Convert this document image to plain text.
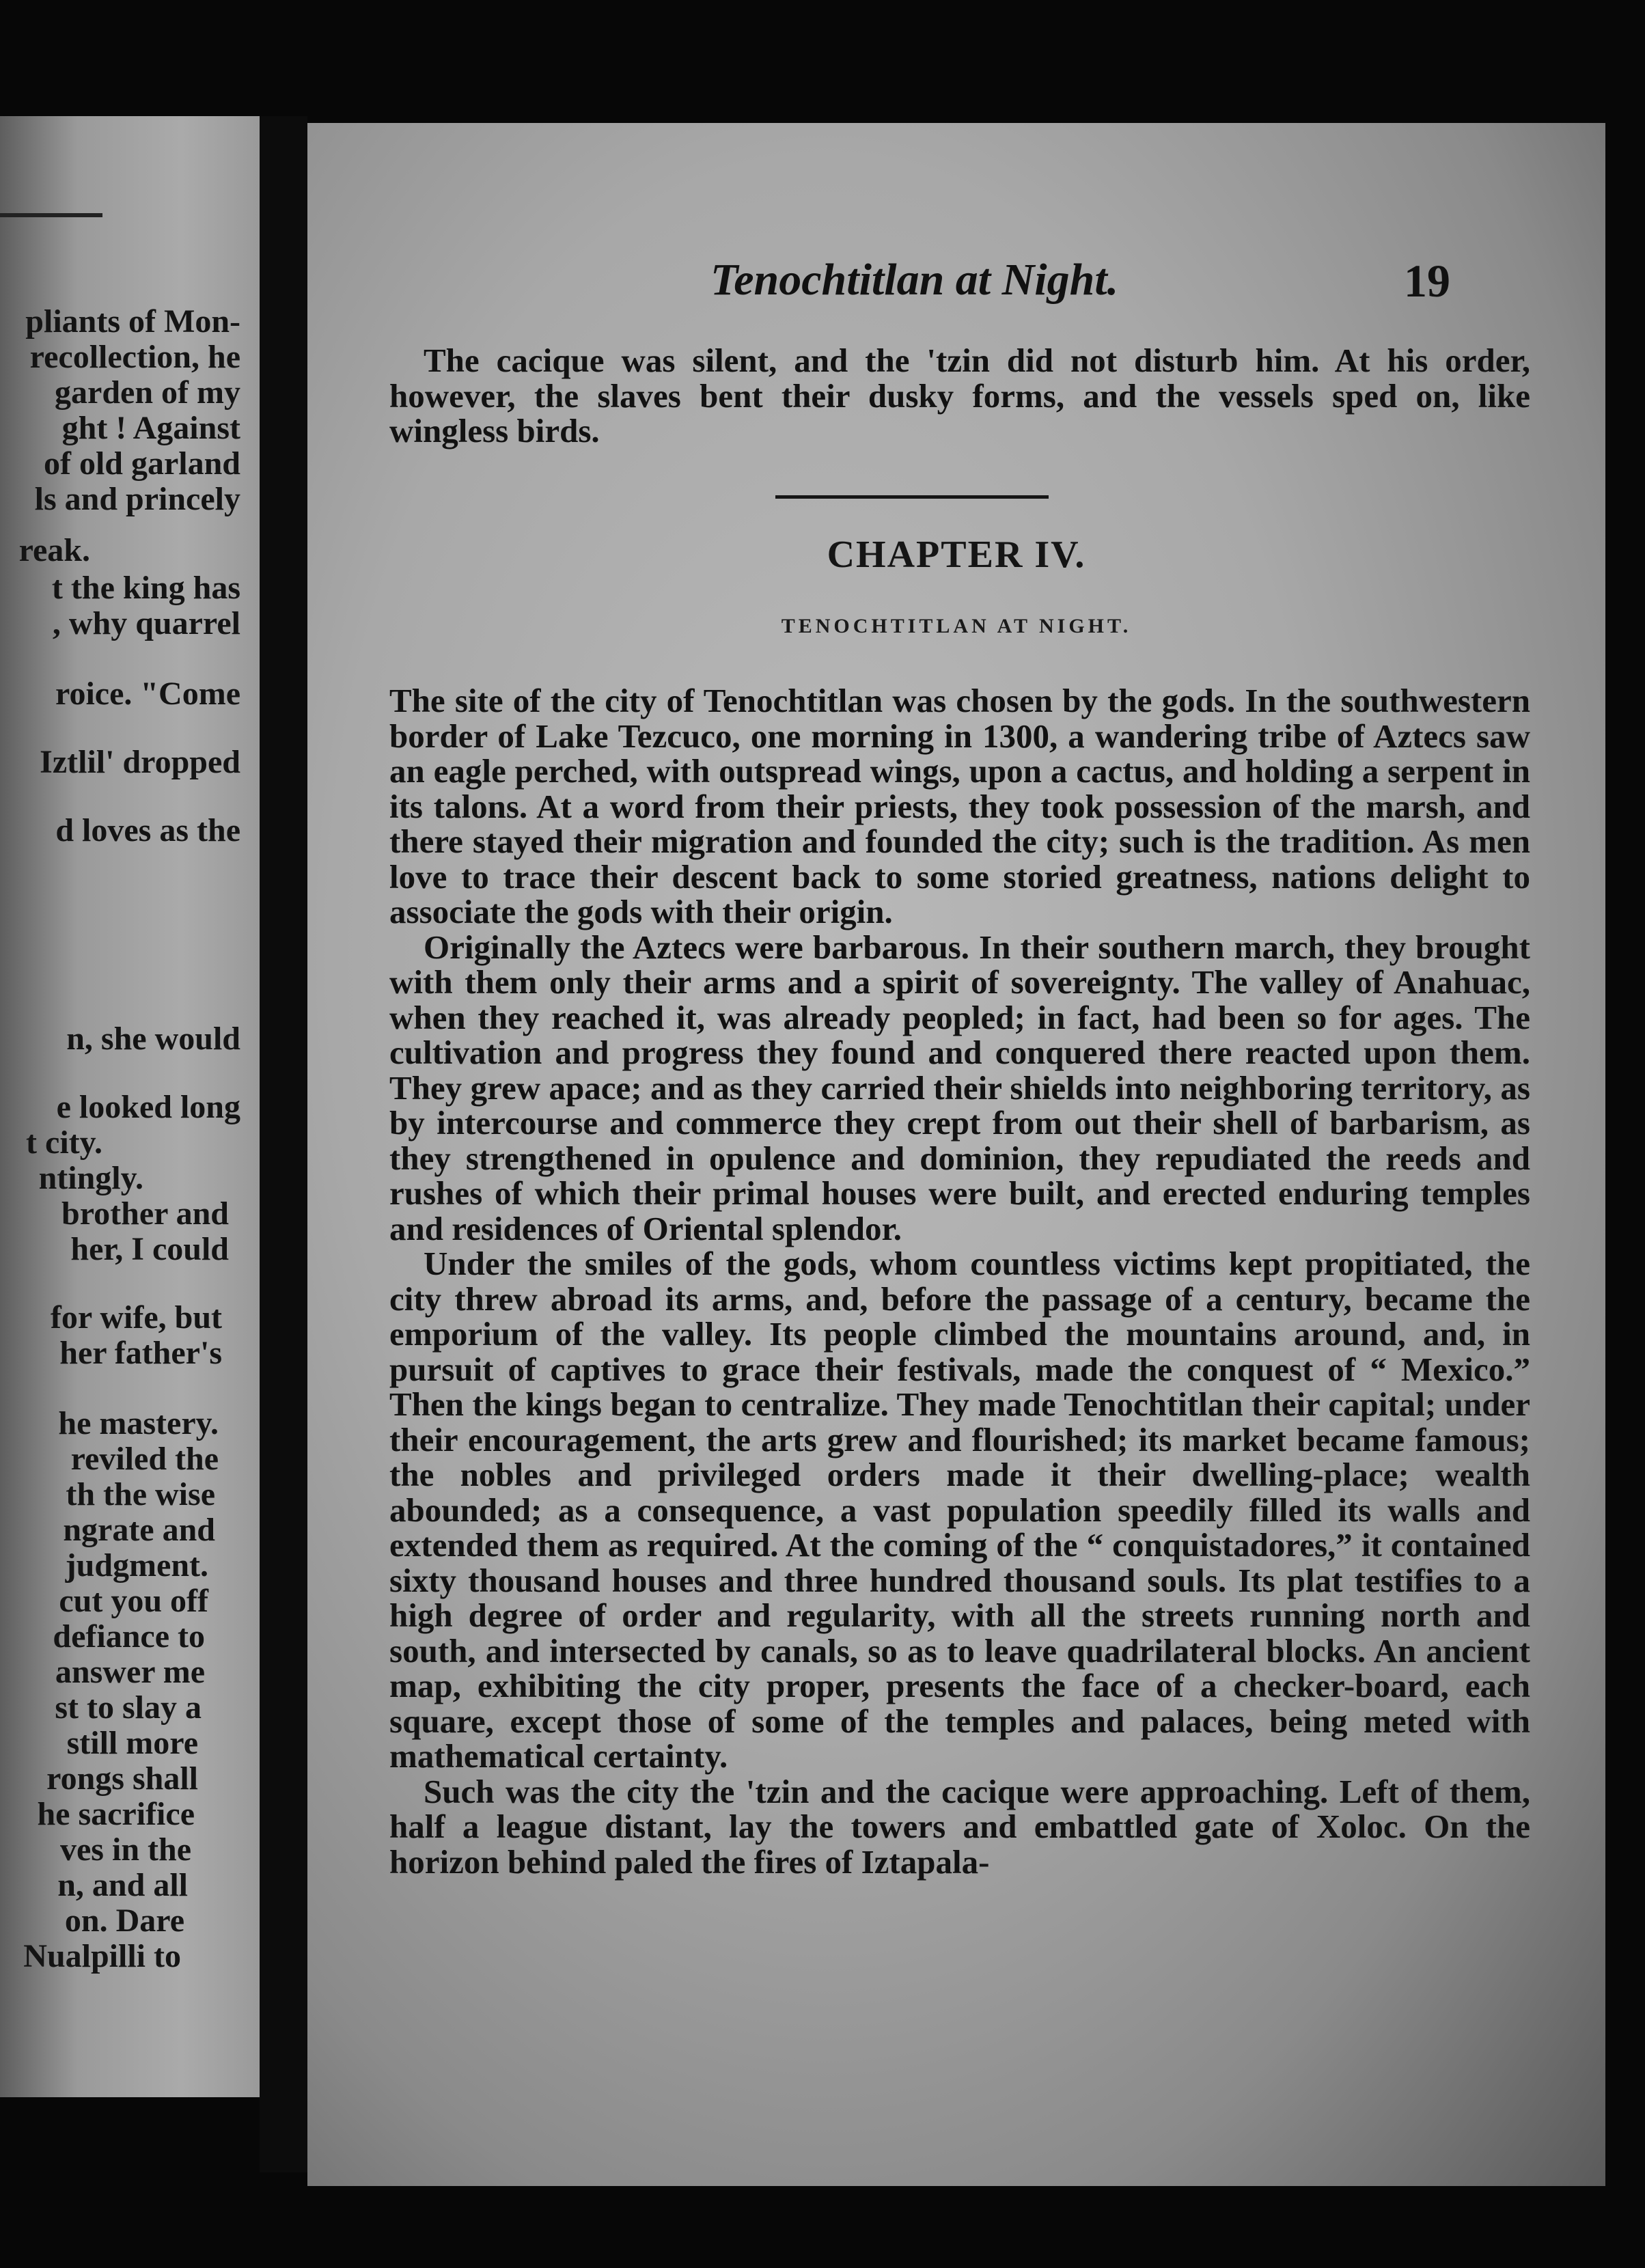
pliants of Mon-
recollection, he
garden of my
ght ! Against
of old garland
ls and princely
reak.
t the king has
, why quarrel
roice. "Come
Iztlil' dropped
d loves as the
n, she would
e looked long
t city.
ntingly.
brother and
her, I could
for wife, but
her father's
he mastery.
reviled the
th the wise
ngrate and
judgment.
cut you off
defiance to
answer me
st to slay a
still more
rongs shall
he sacrifice
ves in the
n, and all
on. Dare
Nualpilli to
Tenochtitlan at Night.	19

The cacique was silent, and the 'tzin did not disturb him. At his order, however, the slaves bent their dusky forms, and the vessels sped on, like wingless birds.

CHAPTER IV.
TENOCHTITLAN AT NIGHT.

The site of the city of Tenochtitlan was chosen by the gods. In the southwestern border of Lake Tezcuco, one morning in 1300, a wandering tribe of Aztecs saw an eagle perched, with outspread wings, upon a cactus, and holding a serpent in its talons. At a word from their priests, they took possession of the marsh, and there stayed their migration and founded the city; such is the tradition. As men love to trace their descent back to some storied greatness, nations delight to associate the gods with their origin.

Originally the Aztecs were barbarous. In their southern march, they brought with them only their arms and a spirit of sovereignty. The valley of Anahuac, when they reached it, was already peopled; in fact, had been so for ages. The cultivation and progress they found and conquered there reacted upon them. They grew apace; and as they carried their shields into neighboring territory, as by intercourse and commerce they crept from out their shell of barbarism, as they strengthened in opulence and dominion, they repudiated the reeds and rushes of which their primal houses were built, and erected enduring temples and residences of Oriental splendor.

Under the smiles of the gods, whom countless victims kept propitiated, the city threw abroad its arms, and, before the passage of a century, became the emporium of the valley. Its people climbed the mountains around, and, in pursuit of captives to grace their festivals, made the conquest of “ Mexico.” Then the kings began to centralize. They made Tenochtitlan their capital; under their encouragement, the arts grew and flourished; its market became famous; the nobles and privileged orders made it their dwelling-place; wealth abounded; as a consequence, a vast population speedily filled its walls and extended them as required. At the coming of the “ conquistadores,” it contained sixty thousand houses and three hundred thousand souls. Its plat testifies to a high degree of order and regularity, with all the streets running north and south, and intersected by canals, so as to leave quadrilateral blocks. An ancient map, exhibiting the city proper, presents the face of a checker-board, each square, except those of some of the temples and palaces, being meted with mathematical certainty.

Such was the city the 'tzin and the cacique were approaching. Left of them, half a league distant, lay the towers and embattled gate of Xoloc. On the horizon behind paled the fires of Iztapala-
